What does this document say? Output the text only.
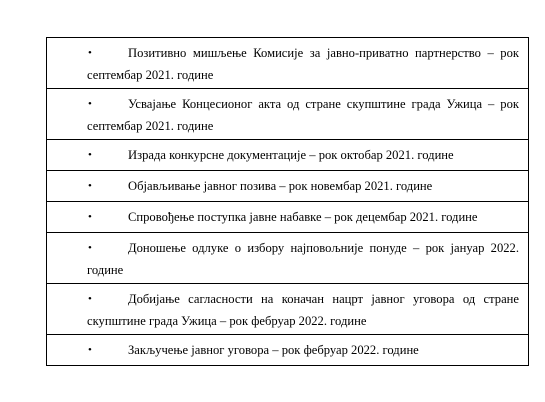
•	Позитивно мишљење Комисије за јавно-приватно партнерство – рок септембар 2021. године

•	Усвајање Концесионог акта од стране скупштине града Ужица – рок септембар 2021. године

•	Израда конкурсне документације – рок октобар 2021. године

•	Објављивање јавног позива – рок новембар 2021. године

•	Спровођење поступка јавне набавке – рок децембар 2021. године

•	Доношење одлуке о избору најповољније понуде – рок јануар 2022. године

•	Добијање сагласности на коначан нацрт јавног уговора од стране скупштине града Ужица – рок фебруар 2022. године

•	Закључење јавног уговора – рок фебруар 2022. године
